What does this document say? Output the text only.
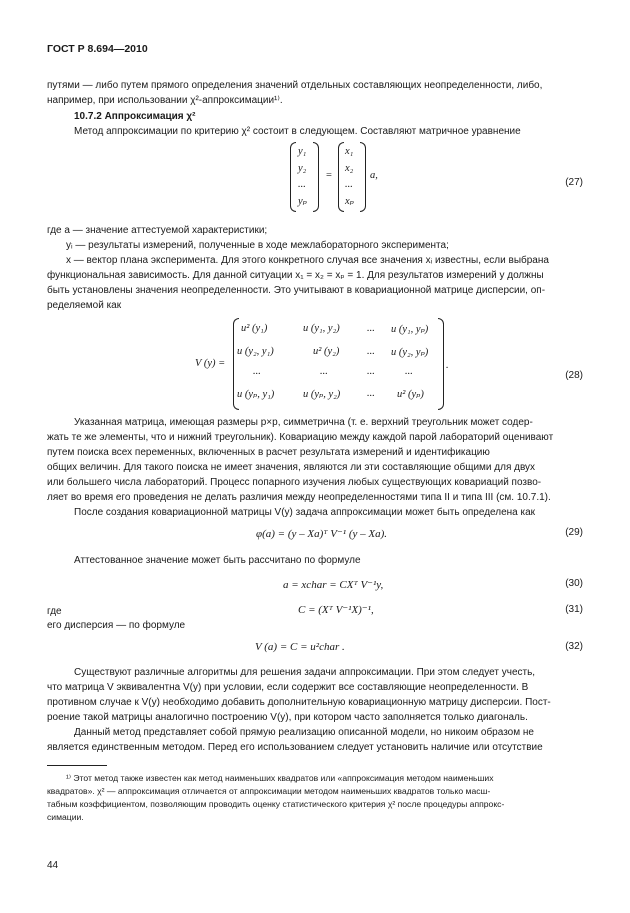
ГОСТ Р 8.694—2010
путями — либо путем прямого определения значений отдельных составляющих неопределенности, либо,
например, при использовании χ²-аппроксимации¹⁾.
10.7.2 Аппроксимация χ²
Метод аппроксимации по критерию χ² состоит в следующем. Составляют матричное уравнение
y₁
y₂
...
yₚ
=
x₁
x₂
...
xₚ
a,
(27)
где a — значение аттестуемой характеристики;
yᵢ — результаты измерений, полученные в ходе межлабораторного эксперимента;
x — вектор плана эксперимента. Для этого конкретного случая все значения xᵢ известны, если выбрана
функциональная зависимость. Для данной ситуации x₁ = x₂ = xₚ = 1. Для результатов измерений y должны
быть установлены значения неопределенности. Это учитывают в ковариационной матрице дисперсии, оп-
ределяемой как
V (y) =
u² (y₁)	u (y₁, y₂)	... u (y₁, yₚ)
u (y₂, y₁)	u² (y₂)	... u (y₂, yₚ)
...	...	...	...
u (yₚ, y₁)	u (yₚ, y₂)	... u² (yₚ)
.
(28)
Указанная матрица, имеющая размеры p×p, симметрична (т. е. верхний треугольник может содер-
жать те же элементы, что и нижний треугольник). Ковариацию между каждой парой лабораторий оценивают
путем поиска всех переменных, включенных в расчет результата измерений и идентификацию
общих величин. Для такого поиска не имеет значения, являются ли эти составляющие общими для двух
или большего числа лабораторий. Процесс попарного изучения любых существующих ковариаций позво-
ляет во время его проведения не делать различия между неопределенностями типа II и типа III (см. 10.7.1).
После создания ковариационной матрицы V(y) задача аппроксимации может быть определена как
φ(a) = (y – Xa)ᵀ V⁻¹ (y – Xa).	(29)
Аттестованное значение может быть рассчитано по формуле
a = xchar = CXᵀ V⁻¹y,	(30)
где	C = (Xᵀ V⁻¹X)⁻¹,	(31)
его дисперсия — по формуле
V (a) = C = u²char .	(32)
Существуют различные алгоритмы для решения задачи аппроксимации. При этом следует учесть,
что матрица V эквивалентна V(y) при условии, если содержит все составляющие неопределенности. В
противном случае к V(y) необходимо добавить дополнительную ковариационную матрицу дисперсии. Пост-
роение такой матрицы аналогично построению V(y), при котором часто заполняется только диагональ.
Данный метод представляет собой прямую реализацию описанной модели, но никоим образом не
является единственным методом. Перед его использованием следует установить наличие или отсутствие
¹⁾ Этот метод также известен как метод наименьших квадратов или «аппроксимация методом наименьших
квадратов». χ² — аппроксимация отличается от аппроксимации методом наименьших квадратов только масш-
табным коэффициентом, позволяющим проводить оценку статистического критерия χ² после процедуры аппрокс-
симации.
44
